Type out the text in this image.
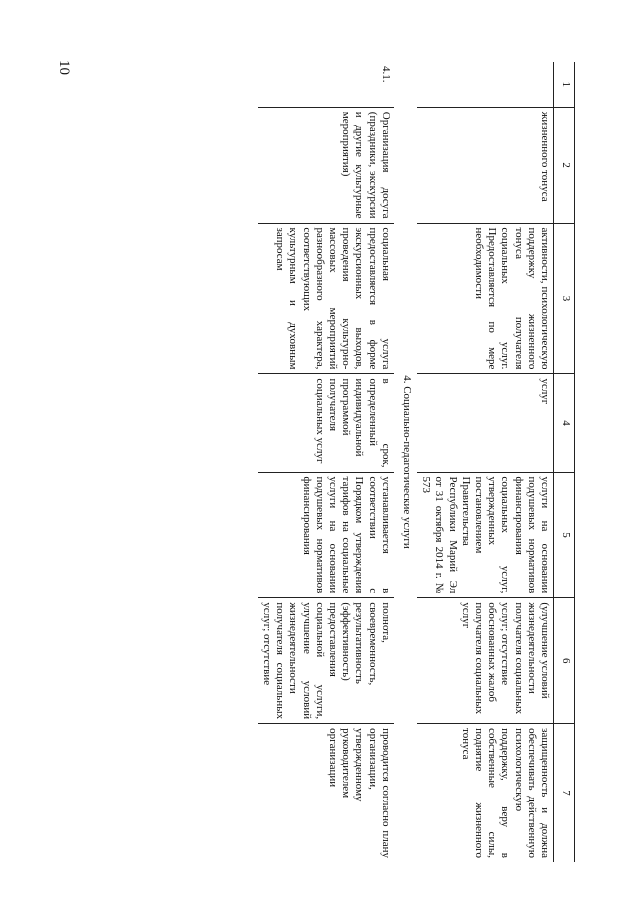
10
1	2	3	4	5	6	7
	жизненного тонуса	активности, психологическую поддержку жизненного тонуса получателя социальных услуг. Предоставляется по мере необходимости	услуг	услуги на основании подушевых нормативов финансирования социальных услуг, утвержденных постановлением Правительства Республики Марий Эл от 31 октября 2014 г. № 573	(улучшение условий жизнедеятельности получателя социальных услуг; отсутствие обоснованных жалоб получателя социальных услуг	защищенность и должна обеспечивать действенную психологическую поддержку, веру в собственные силы, поднятие жизненного тонуса
4. Социально-педагогические услуги						
4.1.	Организация досуга (праздники, экскурсии и другие культурные мероприятия)	социальная услуга предоставляется в форме экскурсионных выходов, проведения культурно-массовых мероприятий разнообразного характера, соответствующих культурным и духовным запросам	в срок, определенный индивидуальной программой получателя социальных услуг	устанавливается в соответствии с Порядком утверждения тарифов на социальные услуги на основании подушевых нормативов финансирования	полнота, своевременность, результативность (эффективность) предоставления социальной услуги, улучшение условий жизнедеятельности получателя социальных услуг; отсутствие	проводится согласно плану организации, утвержденному руководителем организации
